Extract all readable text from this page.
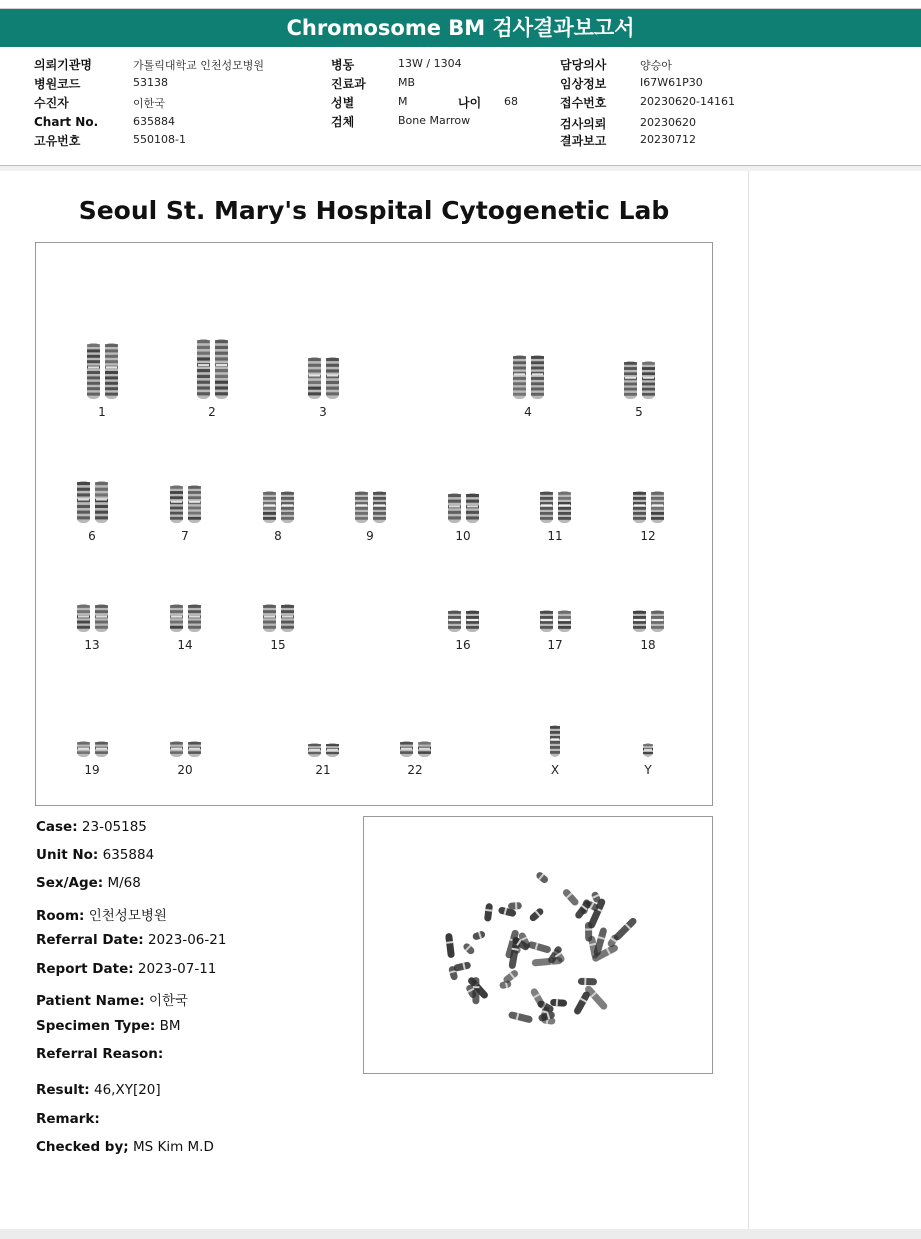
Chromosome BM 검사결과보고서
의뢰기관명	가톨릭대학교 인천성모병원
병원코드	53138
수진자	이한국
Chart No.	635884
고유번호	550108-1
병동	13W / 1304
진료과	MB
성별	M	나이 68
검체	Bone Marrow
담당의사	양승아
임상정보	I67W61P30
접수번호	20230620-14161
검사의뢰	20230620
결과보고	20230712
Seoul St. Mary's Hospital Cytogenetic Lab
1	2	3	4	5
6	7	8	9	10	11	12
13	14	15	16	17	18
19	20	21	22	X	Y
Case: 23-05185
Unit No: 635884
Sex/Age: M/68
Room: 인천성모병원
Referral Date: 2023-06-21
Report Date: 2023-07-11
Patient Name: 이한국
Specimen Type: BM
Referral Reason:
Result: 46,XY[20]
Remark:
Checked by; MS Kim M.D
